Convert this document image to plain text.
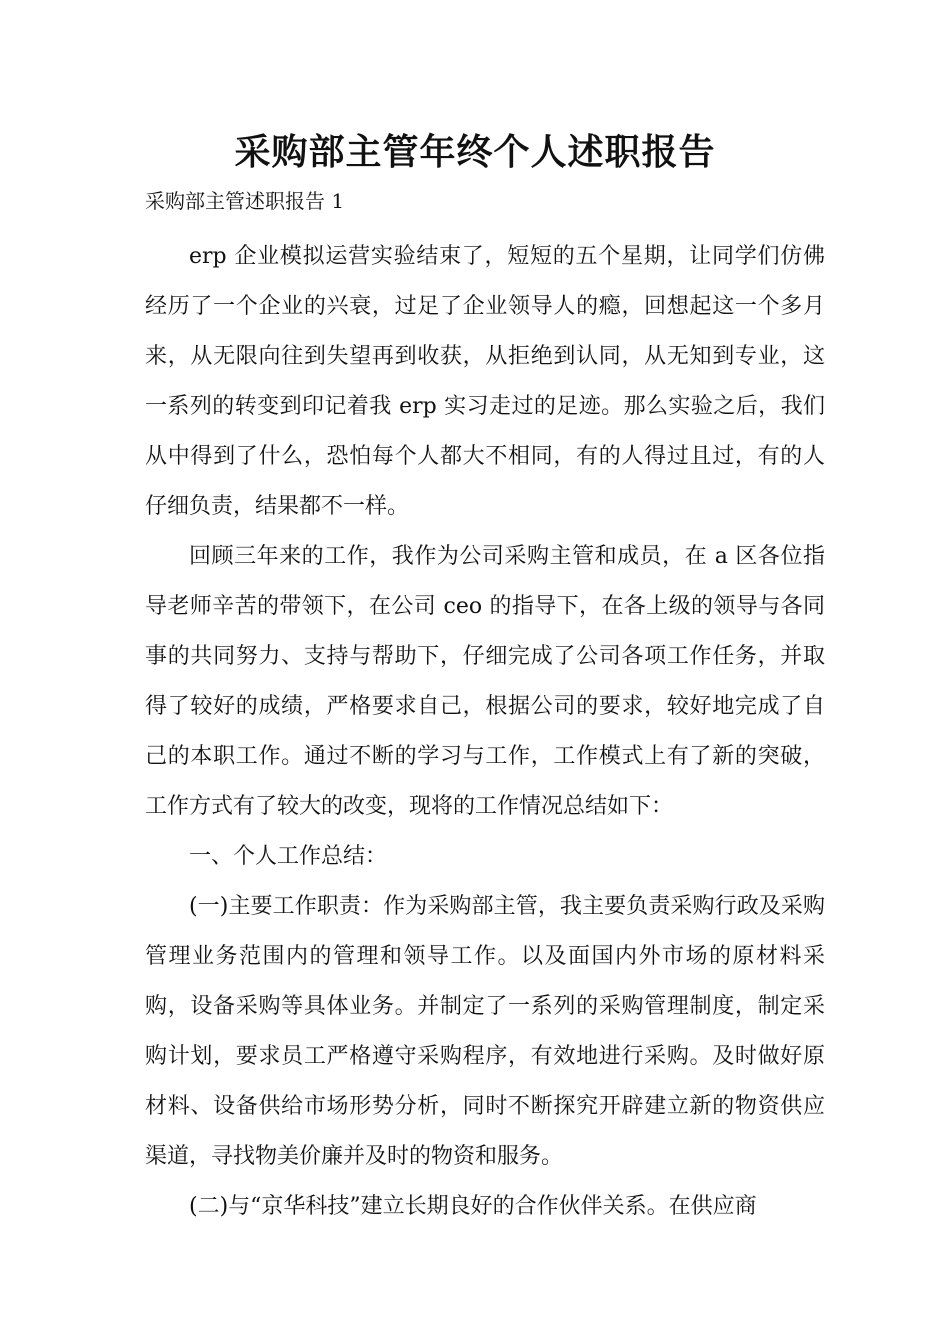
采购部主管年终个人述职报告
采购部主管述职报告 1

erp 企业模拟运营实验结束了，短短的五个星期，让同学们仿佛经历了一个企业的兴衰，过足了企业领导人的瘾，回想起这一个多月来，从无限向往到失望再到收获，从拒绝到认同，从无知到专业，这一系列的转变到印记着我 erp 实习走过的足迹。那么实验之后，我们从中得到了什么，恐怕每个人都大不相同，有的人得过且过，有的人仔细负责，结果都不一样。

回顾三年来的工作，我作为公司采购主管和成员，在 a 区各位指导老师辛苦的带领下，在公司 ceo 的指导下，在各上级的领导与各同事的共同努力、支持与帮助下，仔细完成了公司各项工作任务，并取得了较好的成绩，严格要求自己，根据公司的要求，较好地完成了自己的本职工作。通过不断的学习与工作，工作模式上有了新的突破，工作方式有了较大的改变，现将的工作情况总结如下：

一、个人工作总结：

(一)主要工作职责：作为采购部主管，我主要负责采购行政及采购管理业务范围内的管理和领导工作。以及面国内外市场的原材料采购，设备采购等具体业务。并制定了一系列的采购管理制度，制定采购计划，要求员工严格遵守采购程序，有效地进行采购。及时做好原材料、设备供给市场形势分析，同时不断探究开辟建立新的物资供应渠道，寻找物美价廉并及时的物资和服务。

(二)与“京华科技”建立长期良好的合作伙伴关系。在供应商
